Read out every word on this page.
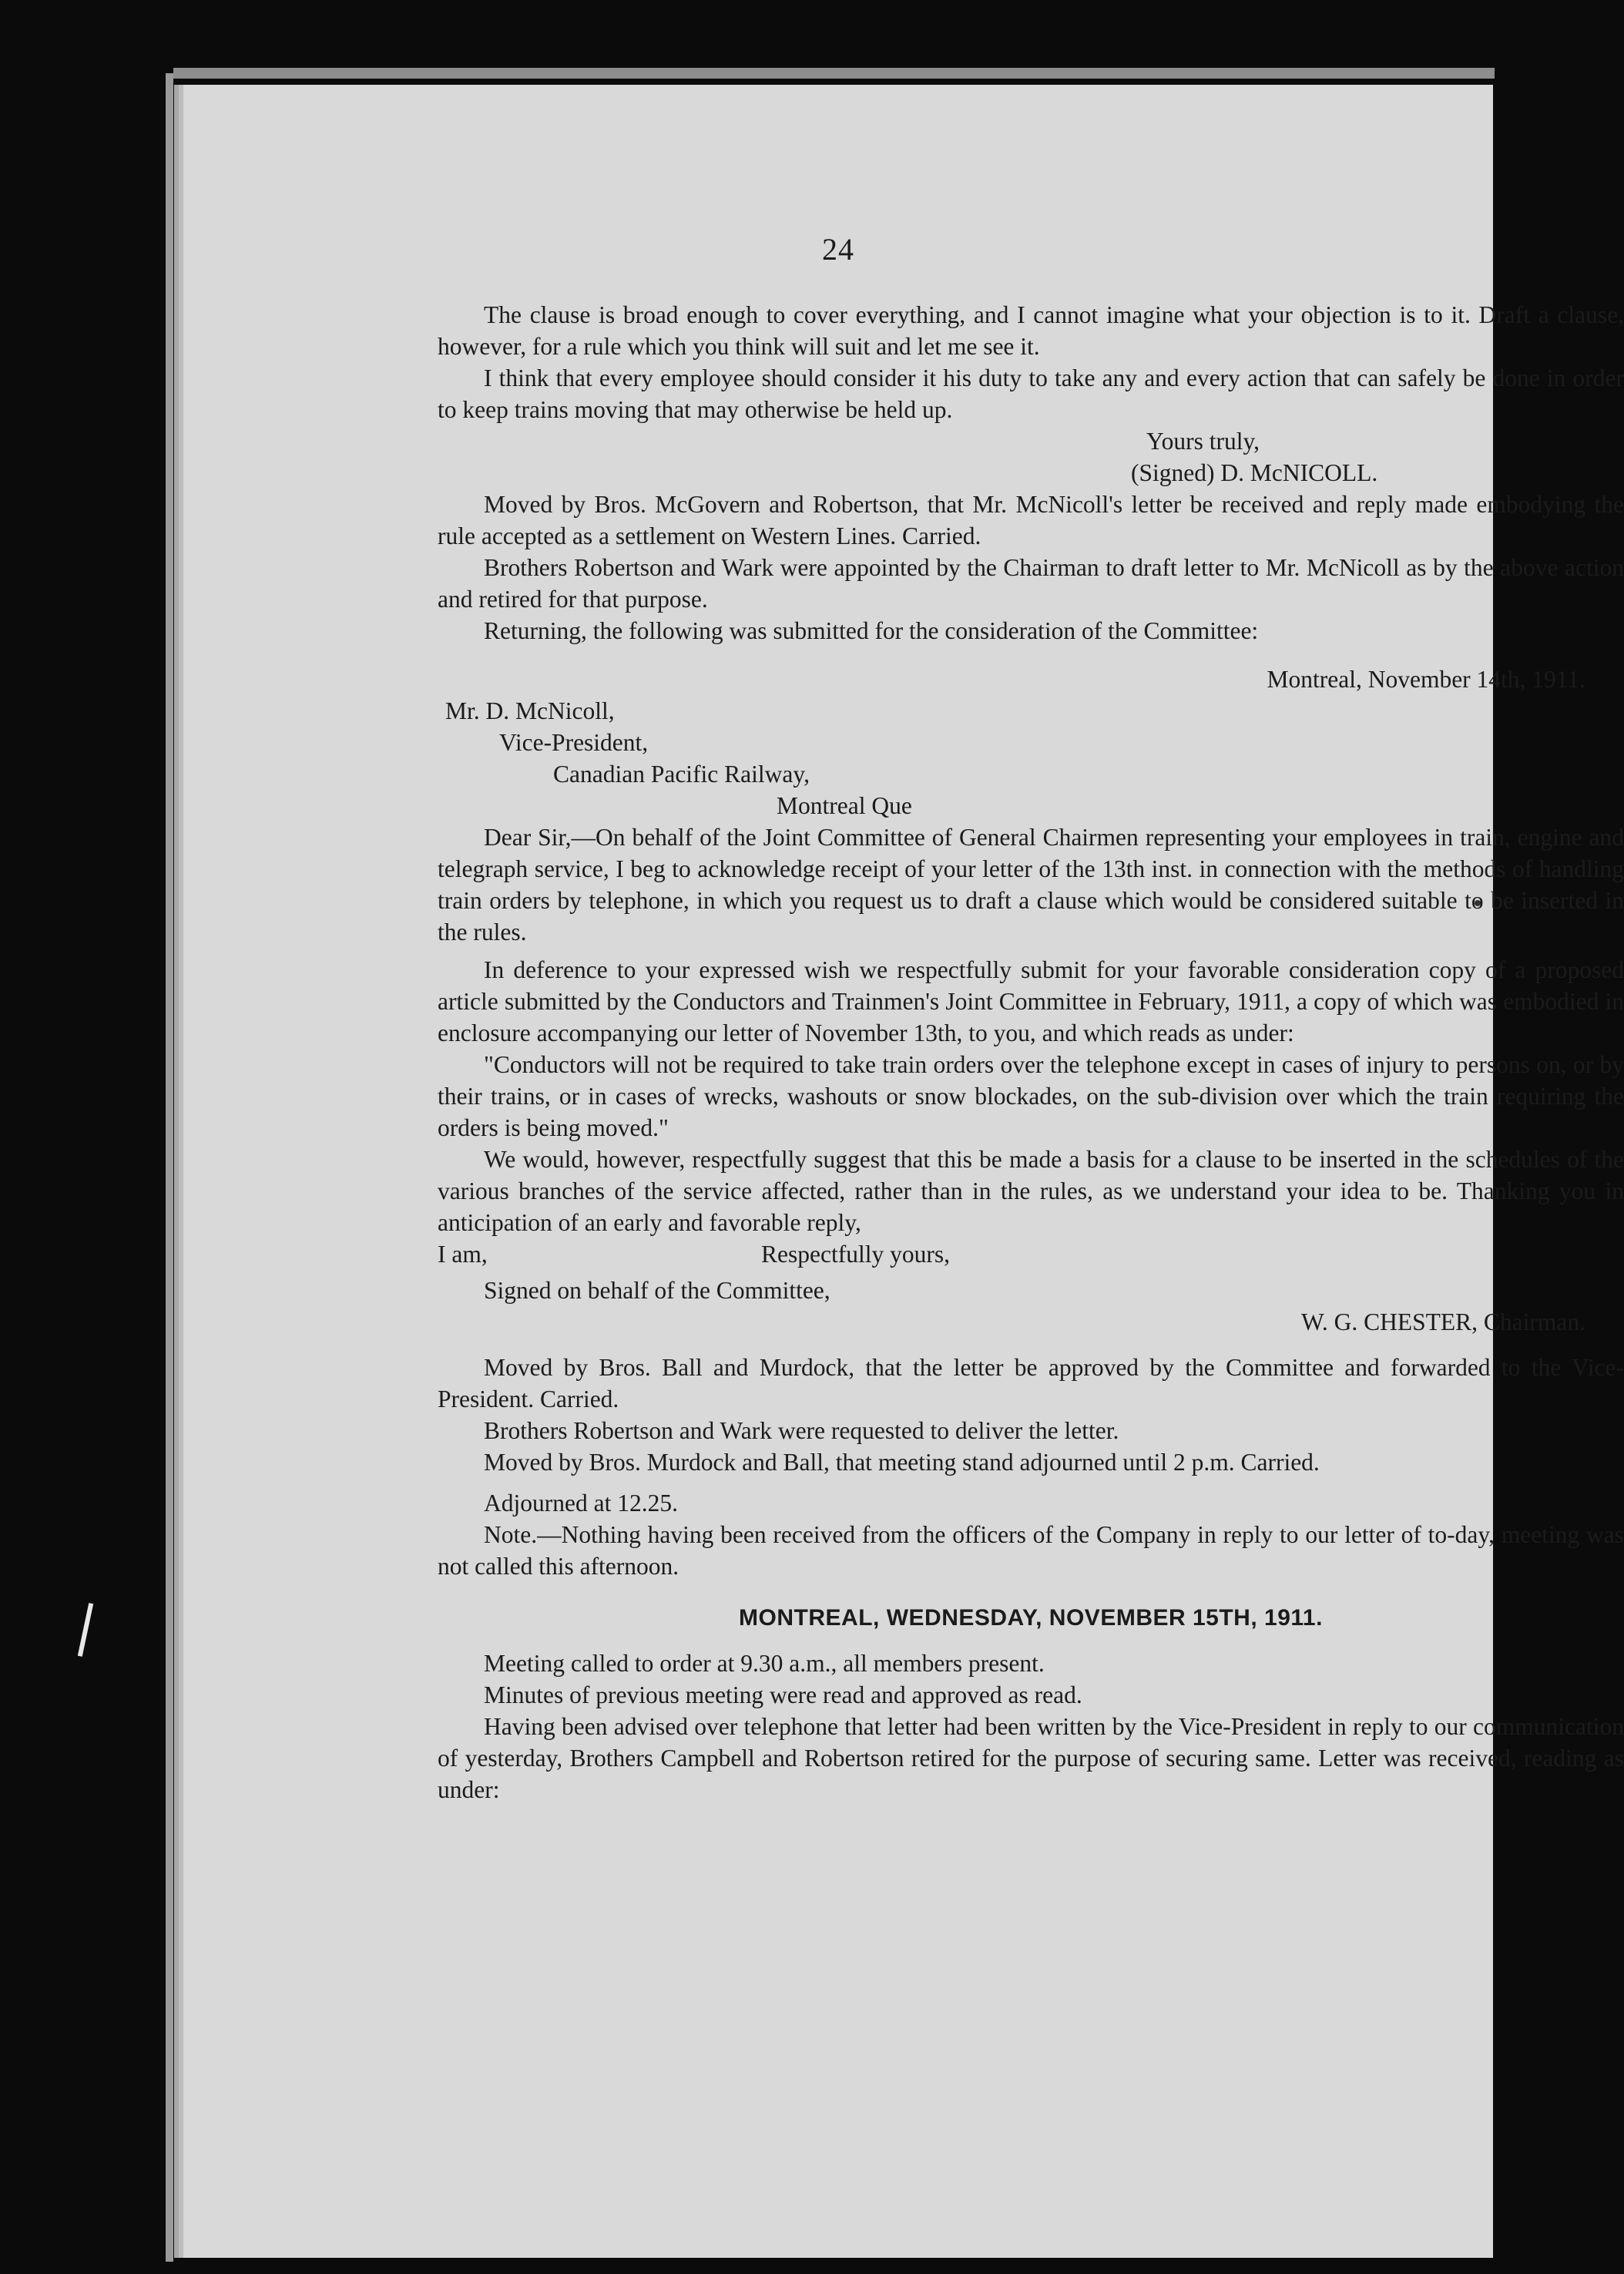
24

The clause is broad enough to cover everything, and I cannot imagine what your objection is to it. Draft a clause, however, for a rule which you think will suit and let me see it.

I think that every employee should consider it his duty to take any and every action that can safely be done in order to keep trains moving that may otherwise be held up.

Yours truly,

(Signed) D. McNICOLL.

Moved by Bros. McGovern and Robertson, that Mr. McNicoll's letter be received and reply made embodying the rule accepted as a settlement on Western Lines. Carried.

Brothers Robertson and Wark were appointed by the Chairman to draft letter to Mr. McNicoll as by the above action and retired for that purpose.

Returning, the following was submitted for the consideration of the Committee:

Montreal, November 14th, 1911.

Mr. D. McNicoll,

Vice-President,

Canadian Pacific Railway,

Montreal Que

Dear Sir,—On behalf of the Joint Committee of General Chairmen representing your employees in train, engine and telegraph service, I beg to acknowledge receipt of your letter of the 13th inst. in connection with the methods of handling train orders by telephone, in which you request us to draft a clause which would be considered suitable to be inserted in the rules.

In deference to your expressed wish we respectfully submit for your favorable consideration copy of a proposed article submitted by the Conductors and Trainmen's Joint Committee in February, 1911, a copy of which was embodied in enclosure accompanying our letter of November 13th, to you, and which reads as under:

"Conductors will not be required to take train orders over the telephone except in cases of injury to persons on, or by their trains, or in cases of wrecks, washouts or snow blockades, on the sub-division over which the train requiring the orders is being moved."

We would, however, respectfully suggest that this be made a basis for a clause to be inserted in the schedules of the various branches of the service affected, rather than in the rules, as we understand your idea to be. Thanking you in anticipation of an early and favorable reply,

I am,	Respectfully yours,

Signed on behalf of the Committee,

W. G. CHESTER, Chairman.

Moved by Bros. Ball and Murdock, that the letter be approved by the Committee and forwarded to the Vice-President. Carried.

Brothers Robertson and Wark were requested to deliver the letter.

Moved by Bros. Murdock and Ball, that meeting stand adjourned until 2 p.m. Carried.

Adjourned at 12.25.

Note.—Nothing having been received from the officers of the Company in reply to our letter of to-day, meeting was not called this afternoon.

MONTREAL, WEDNESDAY, NOVEMBER 15TH, 1911.

Meeting called to order at 9.30 a.m., all members present.

Minutes of previous meeting were read and approved as read.

Having been advised over telephone that letter had been written by the Vice-President in reply to our communication of yesterday, Brothers Campbell and Robertson retired for the purpose of securing same. Letter was received, reading as under:
